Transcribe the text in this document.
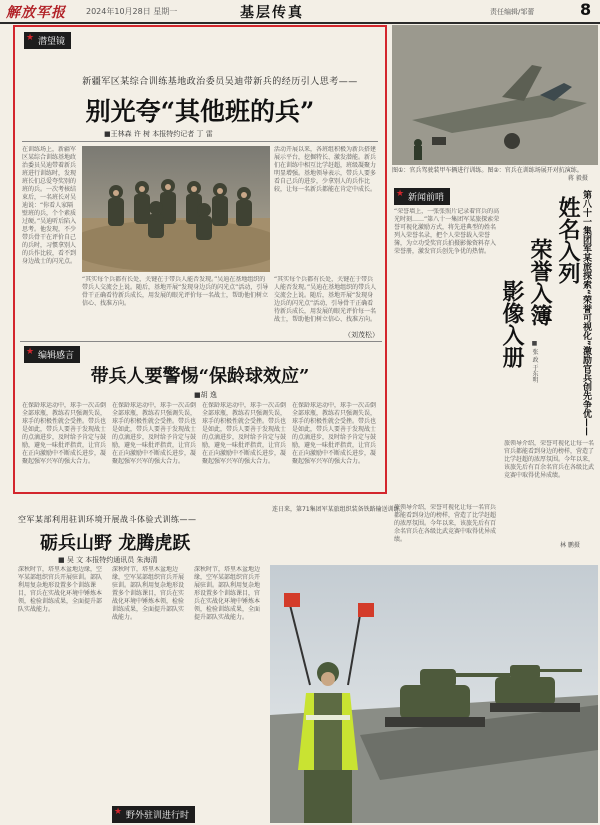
解放军报	2024年10月28日 星期一	基层传真	责任编辑/邹蕾	8
★ 潜望镜
新疆军区某综合训练基地政治委员吴迪带新兵的经历引人思考——
别光夸“其他班的兵”
■王林森 许 树 本报特约记者 丁 雷
在训练场上，新疆军区某综合训练基地政治委员吴迪带着新兵班进行训练时，发现班长们总爱夸奖别的班的兵。一次考核结束后，一名班长对吴迪说：“你看人家隔壁班的兵，个个素质过硬。”吴迪听后陷入思考。他发现，不少带兵骨干在评价自己的兵时，习惯拿别人的兵作比较，看不到身边战士的闪光点。
活动开展以来，各班组积极为新兵搭建展示平台，挖掘特长、激发潜能。新兵们在训练中相互比学赶超，班级凝聚力明显增强。基地领导表示，带兵人要多看自己兵的进步，少拿别人的兵作比较，让每一名新兵都能在肯定中成长。
“其实每个兵都有长处，关键在于带兵人能否发现。”吴迪在基地组织的带兵人交流会上说。随后，基地开展“发现身边兵的闪光点”活动，引导骨干正确看待新兵成长，用发展的眼光评价每一名战士，帮助他们树立信心、找准方向。
“其实每个兵都有长处，关键在于带兵人能否发现。”吴迪在基地组织的带兵人交流会上说。随后，基地开展“发现身边兵的闪光点”活动，引导骨干正确看待新兵成长，用发展的眼光评价每一名战士，帮助他们树立信心、找准方向。
（刘茂松）
★ 编辑感言
带兵人要警惕“保龄球效应”
■胡 逸
在保龄球运动中，球手一次击倒全部球瓶，教练若只强调失误，球手的积极性就会受挫。带兵也是如此，带兵人要善于发现战士的点滴进步，及时给予肯定与鼓励，避免一味批评指责，让官兵在正向激励中不断成长进步，凝聚起强军兴军的强大合力。
在保龄球运动中，球手一次击倒全部球瓶，教练若只强调失误，球手的积极性就会受挫。带兵也是如此，带兵人要善于发现战士的点滴进步，及时给予肯定与鼓励，避免一味批评指责，让官兵在正向激励中不断成长进步，凝聚起强军兴军的强大合力。
在保龄球运动中，球手一次击倒全部球瓶，教练若只强调失误，球手的积极性就会受挫。带兵也是如此，带兵人要善于发现战士的点滴进步，及时给予肯定与鼓励，避免一味批评指责，让官兵在正向激励中不断成长进步，凝聚起强军兴军的强大合力。
在保龄球运动中，球手一次击倒全部球瓶，教练若只强调失误，球手的积极性就会受挫。带兵也是如此，带兵人要善于发现战士的点滴进步，及时给予肯定与鼓励，避免一味批评指责，让官兵在正向激励中不断成长进步，凝聚起强军兴军的强大合力。
图①：官兵驾驶装甲车辆进行训练。图②：官兵在训练场展开对抗演练。
蒋 毅摄
★ 新闻前哨
“荣誉墙上，一张张照片记录着官兵的高光时刻……”第八十一集团军某旅探索荣誉可视化激励方式，将先进典型的姓名列入荣誉名录，把个人荣誉载入荣誉簿，为立功受奖官兵拍摄影像资料存入荣誉册，激发官兵创先争优的热情。
旅领导介绍，荣誉可视化让每一名官兵都能看到身边的榜样，营造了比学赶超的浓厚氛围。今年以来，该旅先后有百余名官兵在各级比武竞赛中取得优异成绩。
第八十一集团军某旅探索“荣誉可视化”激励官兵创先争优——
姓名入列
荣誉入簿
影像入册	■ 张 政 于东明
旅领导介绍，荣誉可视化让每一名官兵都能看到身边的榜样，营造了比学赶超的浓厚氛围。今年以来，该旅先后有百余名官兵在各级比武竞赛中取得优异成绩。
空军某部利用驻训环境开展战斗体验式训练——
砺兵山野 龙腾虎跃
■ 吴 文 本报特约通讯员 朱海清
深秋时节，塔里木盆地边缘，空军某部组织官兵开展驻训。部队利用复杂地形设置多个训练课目，官兵在实战化环境中锤炼本领，检验训练成果，全面提升部队实战能力。
深秋时节，塔里木盆地边缘，空军某部组织官兵开展驻训。部队利用复杂地形设置多个训练课目，官兵在实战化环境中锤炼本领，检验训练成果，全面提升部队实战能力。
深秋时节，塔里木盆地边缘，空军某部组织官兵开展驻训。部队利用复杂地形设置多个训练课目，官兵在实战化环境中锤炼本领，检验训练成果，全面提升部队实战能力。
★ 野外驻训进行时
连日来，第71集团军某旅组织装备铁路输送训练。
林 鹏摄
